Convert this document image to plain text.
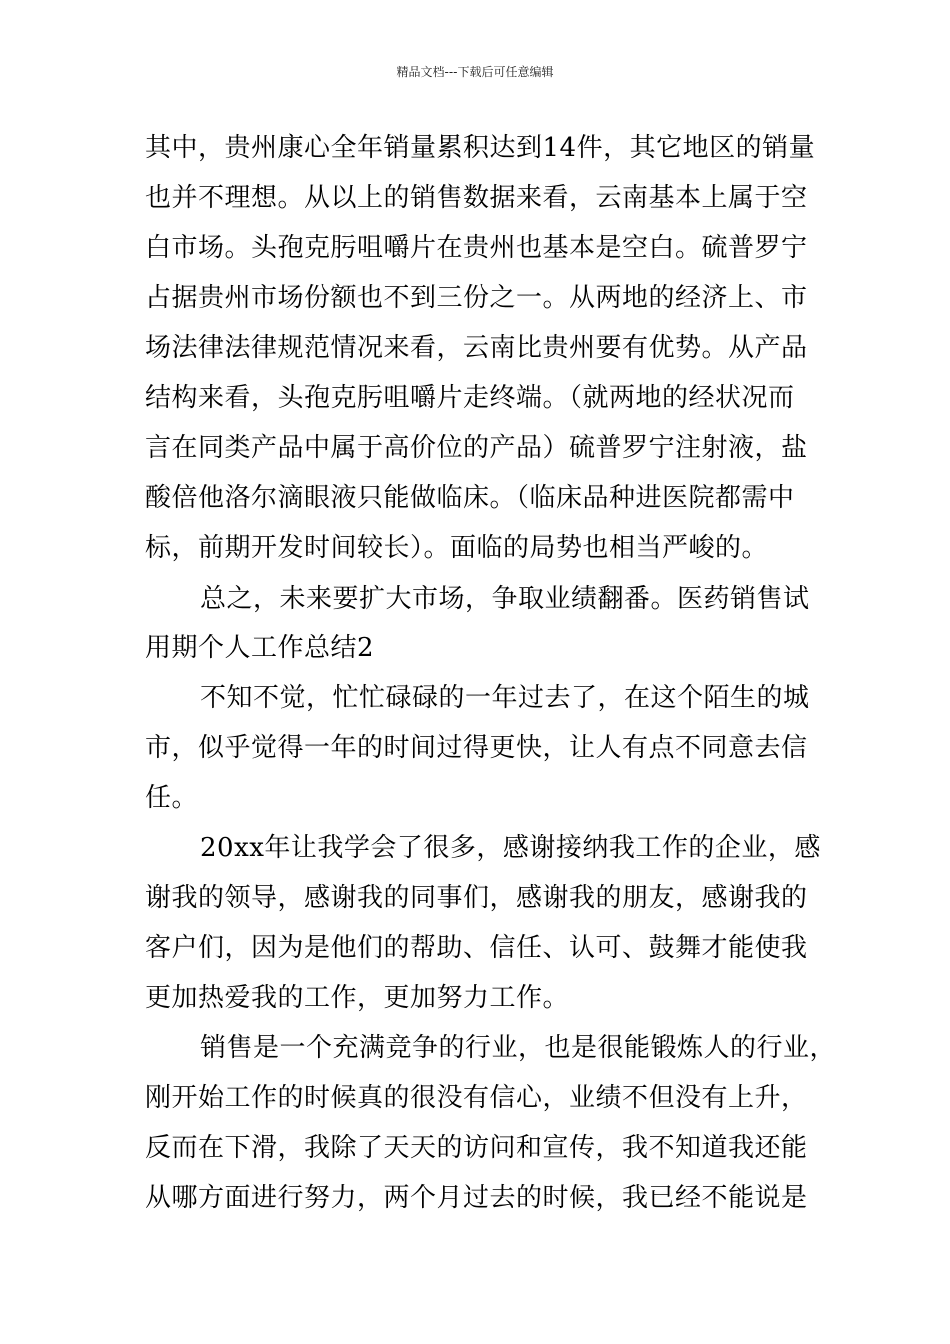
精品文档---下载后可任意编辑
其中，贵州康心全年销量累积达到14件，其它地区的销量
也并不理想。从以上的销售数据来看，云南基本上属于空
白市场。头孢克肟咀嚼片在贵州也基本是空白。硫普罗宁
占据贵州市场份额也不到三份之一。从两地的经济上、市
场法律法律规范情况来看，云南比贵州要有优势。从产品
结构来看，头孢克肟咀嚼片走终端。（就两地的经状况而
言在同类产品中属于高价位的产品）硫普罗宁注射液，盐
酸倍他洛尔滴眼液只能做临床。（临床品种进医院都需中
标，前期开发时间较长）。面临的局势也相当严峻的。
总之，未来要扩大市场，争取业绩翻番。医药销售试
用期个人工作总结2
不知不觉，忙忙碌碌的一年过去了，在这个陌生的城
市，似乎觉得一年的时间过得更快，让人有点不同意去信
任。
20xx年让我学会了很多，感谢接纳我工作的企业，感
谢我的领导，感谢我的同事们，感谢我的朋友，感谢我的
客户们，因为是他们的帮助、信任、认可、鼓舞才能使我
更加热爱我的工作，更加努力工作。
销售是一个充满竞争的行业，也是很能锻炼人的行业，
刚开始工作的时候真的很没有信心，业绩不但没有上升，
反而在下滑，我除了天天的访问和宣传，我不知道我还能
从哪方面进行努力，两个月过去的时候，我已经不能说是
